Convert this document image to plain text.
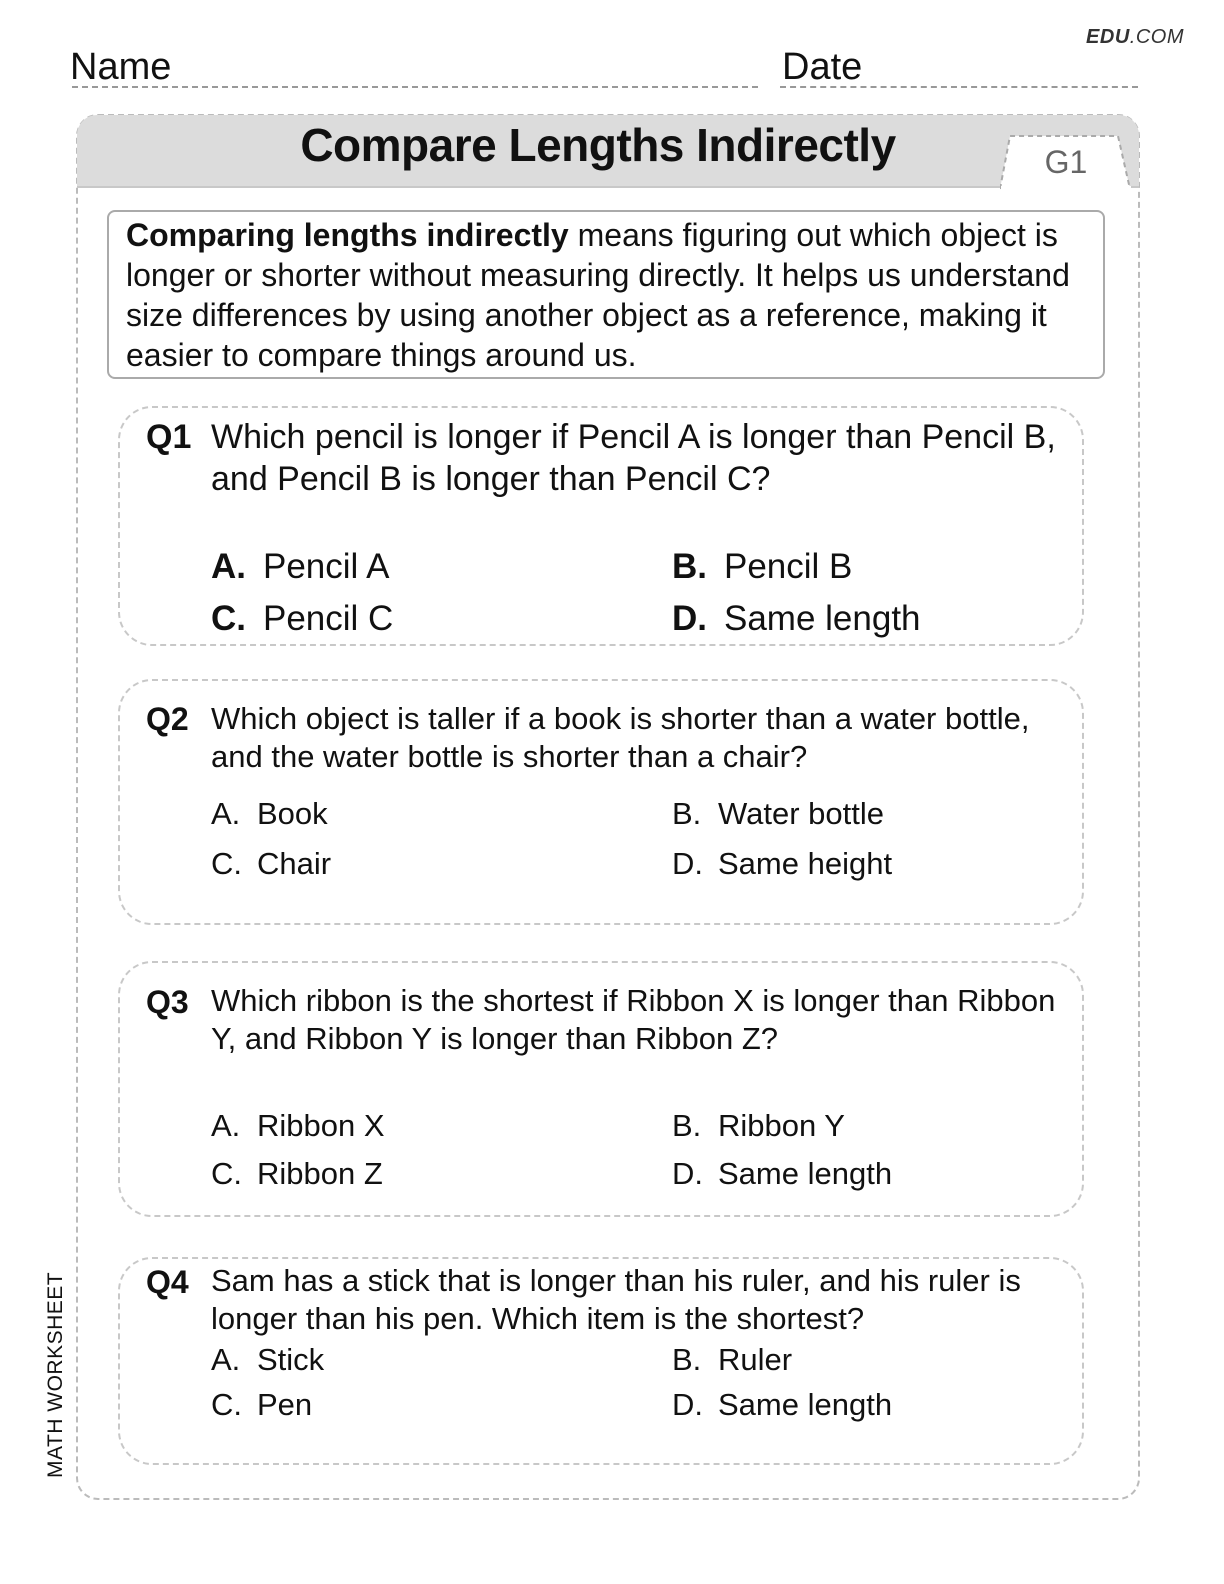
EDU.COM
Name	Date
Compare Lengths Indirectly	G1
Comparing lengths indirectly means figuring out which object is longer or shorter without measuring directly. It helps us understand size differences by using another object as a reference, making it easier to compare things around us.
Q1 Which pencil is longer if Pencil A is longer than Pencil B, and Pencil B is longer than Pencil C?
A. Pencil A	B. Pencil B
C. Pencil C	D. Same length
Q2 Which object is taller if a book is shorter than a water bottle, and the water bottle is shorter than a chair?
A. Book	B. Water bottle
C. Chair	D. Same height
Q3 Which ribbon is the shortest if Ribbon X is longer than Ribbon Y, and Ribbon Y is longer than Ribbon Z?
A. Ribbon X	B. Ribbon Y
C. Ribbon Z	D. Same length
Q4 Sam has a stick that is longer than his ruler, and his ruler is longer than his pen. Which item is the shortest?
A. Stick	B. Ruler
C. Pen	D. Same length
MATH WORKSHEET
